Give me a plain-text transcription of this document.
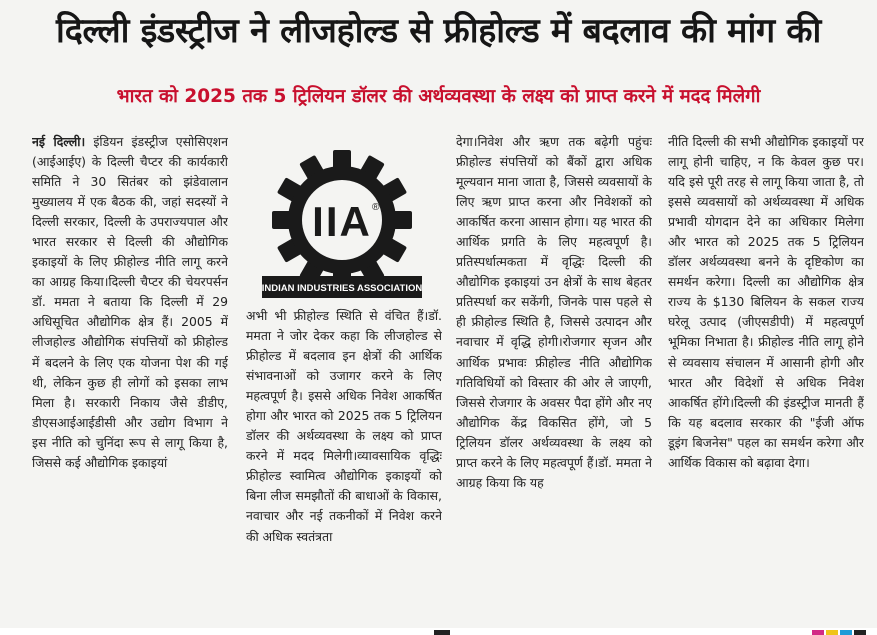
दिल्ली इंडस्ट्रीज ने लीजहोल्ड से फ्रीहोल्ड में बदलाव की मांग की
भारत को 2025 तक 5 ट्रिलियन डॉलर की अर्थव्यवस्था के लक्ष्य को प्राप्त करने में मदद मिलेगी
नई दिल्ली। इंडियन इंडस्ट्रीज एसोसिएशन (आईआईए) के दिल्ली चैप्टर की कार्यकारी समिति ने 30 सितंबर को झंडेवालान मुख्यालय में एक बैठक की, जहां सदस्यों ने दिल्ली सरकार, दिल्ली के उपराज्यपाल और भारत सरकार से दिल्ली की औद्योगिक इकाइयों के लिए फ्रीहोल्ड नीति लागू करने का आग्रह किया।दिल्ली चैप्टर की चेयरपर्सन डॉ. ममता ने बताया कि दिल्ली में 29 अधिसूचित औद्योगिक क्षेत्र हैं। 2005 में लीजहोल्ड औद्योगिक संपत्तियों को फ्रीहोल्ड में बदलने के लिए एक योजना पेश की गई थी, लेकिन कुछ ही लोगों को इसका लाभ मिला है। सरकारी निकाय जैसे डीडीए, डीएसआईआईडीसी और उद्योग विभाग ने इस नीति को चुनिंदा रूप से लागू किया है, जिससे कई औद्योगिक इकाइयां
IIA ®
INDIAN INDUSTRIES ASSOCIATION
अभी भी फ्रीहोल्ड स्थिति से वंचित हैं।डॉ. ममता ने जोर देकर कहा कि लीजहोल्ड से फ्रीहोल्ड में बदलाव इन क्षेत्रों की आर्थिक संभावनाओं को उजागर करने के लिए महत्वपूर्ण है। इससे अधिक निवेश आकर्षित होगा और भारत को 2025 तक 5 ट्रिलियन डॉलर की अर्थव्यवस्था के लक्ष्य को प्राप्त करने में मदद मिलेगी।व्यावसायिक वृद्धिः फ्रीहोल्ड स्वामित्व औद्योगिक इकाइयों को बिना लीज समझौतों की बाधाओं के विकास, नवाचार और नई तकनीकों में निवेश करने की अधिक स्वतंत्रता
देगा।निवेश और ऋण तक बढ़ेगी पहुंचः फ्रीहोल्ड संपत्तियों को बैंकों द्वारा अधिक मूल्यवान माना जाता है, जिससे व्यवसायों के लिए ऋण प्राप्त करना और निवेशकों को आकर्षित करना आसान होगा। यह भारत की आर्थिक प्रगति के लिए महत्वपूर्ण है।प्रतिस्पर्धात्मकता में वृद्धिः दिल्ली की औद्योगिक इकाइयां उन क्षेत्रों के साथ बेहतर प्रतिस्पर्धा कर सकेंगी, जिनके पास पहले से ही फ्रीहोल्ड स्थिति है, जिससे उत्पादन और नवाचार में वृद्धि होगी।रोजगार सृजन और आर्थिक प्रभावः फ्रीहोल्ड नीति औद्योगिक गतिविधियों को विस्तार की ओर ले जाएगी, जिससे रोजगार के अवसर पैदा होंगे और नए औद्योगिक केंद्र विकसित होंगे, जो 5 ट्रिलियन डॉलर अर्थव्यवस्था के लक्ष्य को प्राप्त करने के लिए महत्वपूर्ण हैं।डॉ. ममता ने आग्रह किया कि यह
नीति दिल्ली की सभी औद्योगिक इकाइयों पर लागू होनी चाहिए, न कि केवल कुछ पर। यदि इसे पूरी तरह से लागू किया जाता है, तो इससे व्यवसायों को अर्थव्यवस्था में अधिक प्रभावी योगदान देने का अधिकार मिलेगा और भारत को 2025 तक 5 ट्रिलियन डॉलर अर्थव्यवस्था बनने के दृष्टिकोण का समर्थन करेगा। दिल्ली का औद्योगिक क्षेत्र राज्य के $130 बिलियन के सकल राज्य घरेलू उत्पाद (जीएसडीपी) में महत्वपूर्ण भूमिका निभाता है। फ्रीहोल्ड नीति लागू होने से व्यवसाय संचालन में आसानी होगी और भारत और विदेशों से अधिक निवेश आकर्षित होंगे।दिल्ली की इंडस्ट्रीज मानती हैं कि यह बदलाव सरकार की "ईजी ऑफ डूइंग बिजनेस" पहल का समर्थन करेगा और आर्थिक विकास को बढ़ावा देगा।
